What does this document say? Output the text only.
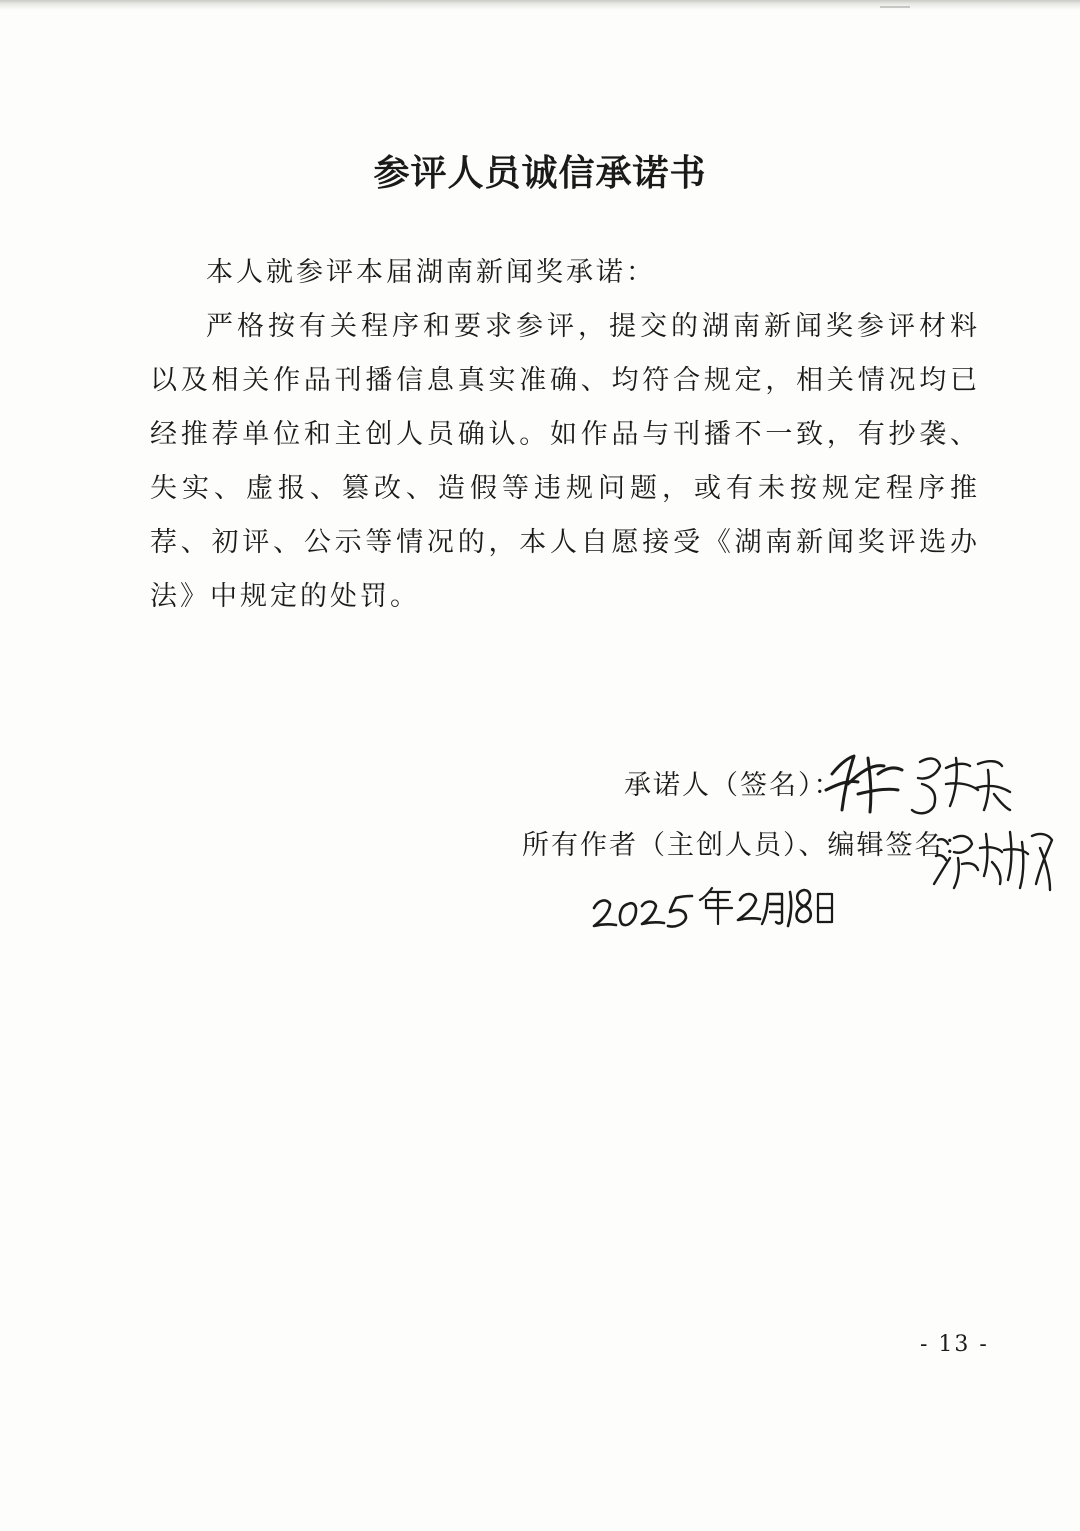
参评人员诚信承诺书

本人就参评本届湖南新闻奖承诺：

严格按有关程序和要求参评，提交的湖南新闻奖参评材料以及相关作品刊播信息真实准确、均符合规定，相关情况均已经推荐单位和主创人员确认。如作品与刊播不一致，有抄袭、失实、虚报、篡改、造假等违规问题，或有未按规定程序推荐、初评、公示等情况的，本人自愿接受《湖南新闻奖评选办法》中规定的处罚。

承诺人（签名）：
所有作者（主创人员）、编辑签名：
- 13 -
